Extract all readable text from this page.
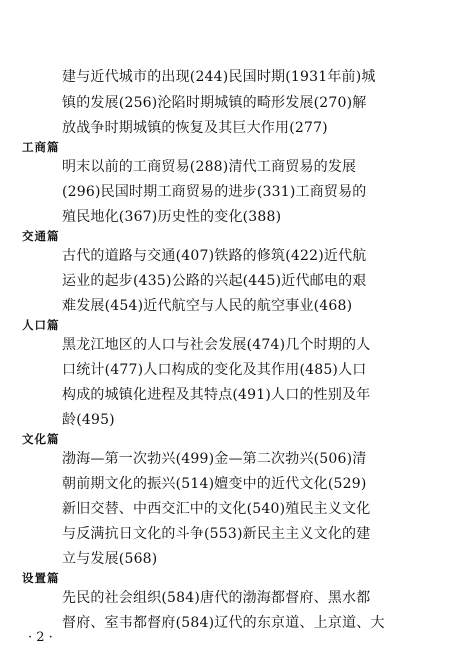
建与近代城市的出现(244)民国时期(1931年前)城
镇的发展(256)沦陷时期城镇的畸形发展(270)解
放战争时期城镇的恢复及其巨大作用(277)
工商篇
明末以前的工商贸易(288)清代工商贸易的发展
(296)民国时期工商贸易的进步(331)工商贸易的
殖民地化(367)历史性的变化(388)
交通篇
古代的道路与交通(407)铁路的修筑(422)近代航
运业的起步(435)公路的兴起(445)近代邮电的艰
难发展(454)近代航空与人民的航空事业(468)
人口篇
黑龙江地区的人口与社会发展(474)几个时期的人
口统计(477)人口构成的变化及其作用(485)人口
构成的城镇化进程及其特点(491)人口的性别及年
龄(495)
文化篇
渤海—第一次勃兴(499)金—第二次勃兴(506)清
朝前期文化的振兴(514)嬗变中的近代文化(529)
新旧交替、中西交汇中的文化(540)殖民主义文化
与反满抗日文化的斗争(553)新民主主义文化的建
立与发展(568)
设置篇
先民的社会组织(584)唐代的渤海都督府、黑水都
督府、室韦都督府(584)辽代的东京道、上京道、大
· 2 ·
